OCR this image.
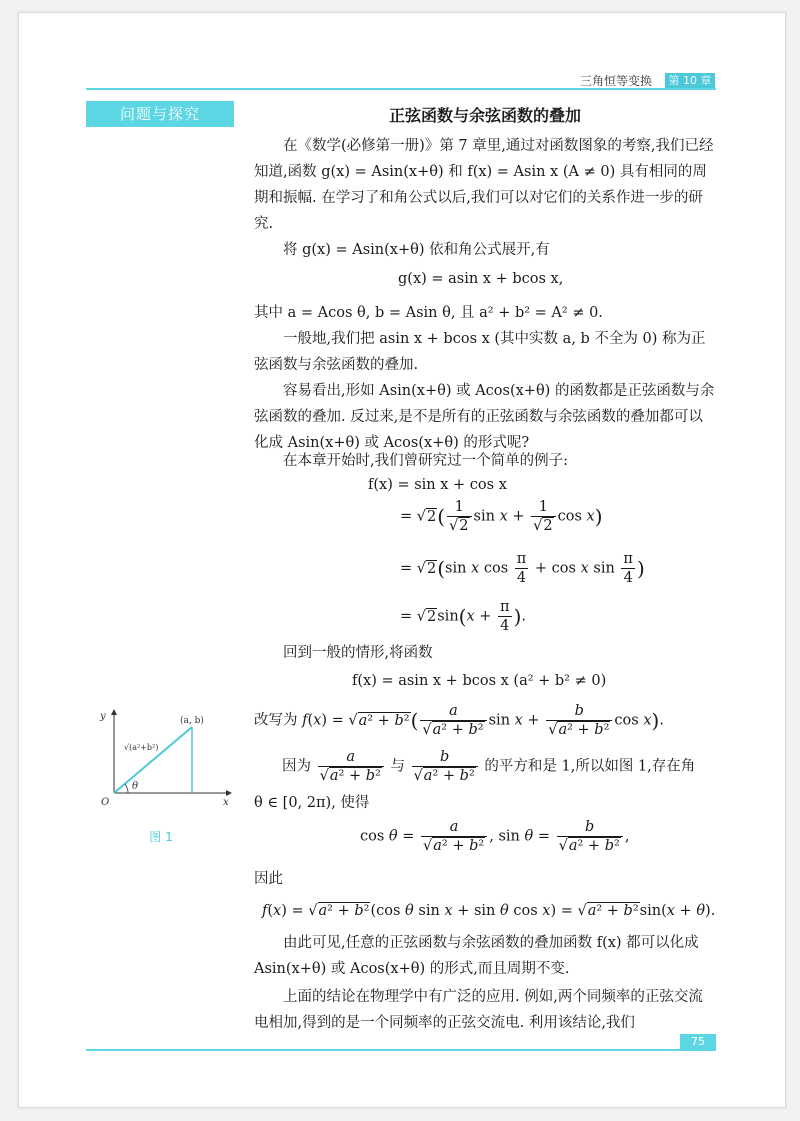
三角恒等变换	第 10 章
问题与探究	正弦函数与余弦函数的叠加
在《数学(必修第一册)》第 7 章里,通过对函数图象的考察,我们已经知道,函数 g(x) = Asin(x+θ) 和 f(x) = Asin x (A ≠ 0) 具有相同的周期和振幅. 在学习了和角公式以后,我们可以对它们的关系作进一步的研究.
将 g(x) = Asin(x+θ) 依和角公式展开,有
g(x) = asin x + bcos x,
其中 a = Acos θ, b = Asin θ, 且 a² + b² = A² ≠ 0.
一般地,我们把 asin x + bcos x (其中实数 a, b 不全为 0) 称为正弦函数与余弦函数的叠加.
容易看出,形如 Asin(x+θ) 或 Acos(x+θ) 的函数都是正弦函数与余弦函数的叠加. 反过来,是不是所有的正弦函数与余弦函数的叠加都可以化成 Asin(x+θ) 或 Acos(x+θ) 的形式呢?
在本章开始时,我们曾研究过一个简单的例子:
f(x) = sin x + cos x
= $√2( \frac{1}{√2}$ $\sin x + \frac{1}{√2}$ cos x)
= √2(sin x $\cos \frac{\pi}{4} + \cos x$ $\sin \frac{\pi}{4}$ )
= $√2\sin(x + \frac{\pi}{4}$ ).
回到一般的情形,将函数
f(x) = asin x + bcos x (a² + b² ≠ 0)
改写为 $f(x) = √a^2 + b^2( \frac{a}{\text{√a² + b²}}$ $\sin x + \frac{b}{\text{√a² + b²}}$ cos x).
因为 $\frac{a}{\text{√a² + b²}}$ 与 $\frac{b}{\text{√a² + b²}}$ 的平方和是 1,所以如图 1,存在角
θ ∈ [0, 2π), 使得
$\cos \theta = \frac{a}{\text{√a² + b²}}$ , $\sin \theta = \frac{b}{\text{√a² + b²}}$ ,
因此
f(x) = √a² + b²(cos θ sin x + sin θ cos x) = √a² + b²sin(x + θ).
由此可见,任意的正弦函数与余弦函数的叠加函数 f(x) 都可以化成 Asin(x+θ) 或 Acos(x+θ) 的形式,而且周期不变.
上面的结论在物理学中有广泛的应用. 例如,两个同频率的正弦交流电相加,得到的是一个同频率的正弦交流电. 利用该结论,我们
y
x
O
(a, b)
√(a²+b²)
θ
图 1
75
